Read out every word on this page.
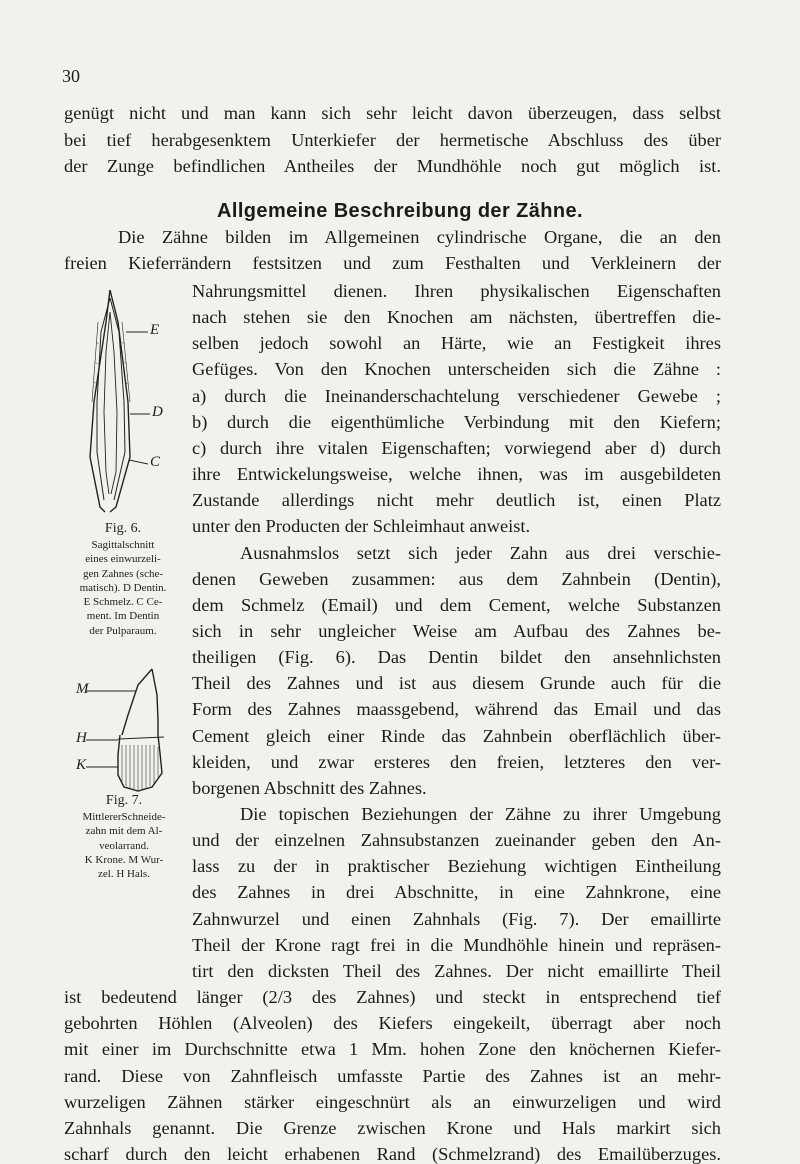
30
genügt nicht und man kann sich sehr leicht davon überzeugen, dass selbst
bei tief herabgesenktem Unterkiefer der hermetische Abschluss des über
der Zunge befindlichen Antheiles der Mundhöhle noch gut möglich ist.
Allgemeine Beschreibung der Zähne.
Die Zähne bilden im Allgemeinen cylindrische Organe, die an den
freien Kieferrändern festsitzen und zum Festhalten und Verkleinern der
Nahrungsmittel dienen. Ihren physikalischen Eigenschaften
nach stehen sie den Knochen am nächsten, übertreffen die-
selben jedoch sowohl an Härte, wie an Festigkeit ihres
Gefüges. Von den Knochen unterscheiden sich die Zähne :
a) durch die Ineinanderschachtelung verschiedener Gewebe ;
b) durch die eigenthümliche Verbindung mit den Kiefern;
c) durch ihre vitalen Eigenschaften; vorwiegend aber d) durch
ihre Entwickelungsweise, welche ihnen, was im ausgebildeten
Zustande allerdings nicht mehr deutlich ist, einen Platz
unter den Producten der Schleimhaut anweist.
Ausnahmslos setzt sich jeder Zahn aus drei verschie-
denen Geweben zusammen: aus dem Zahnbein (Dentin),
dem Schmelz (Email) und dem Cement, welche Substanzen
sich in sehr ungleicher Weise am Aufbau des Zahnes be-
theiligen (Fig. 6). Das Dentin bildet den ansehnlichsten
Theil des Zahnes und ist aus diesem Grunde auch für die
Form des Zahnes maassgebend, während das Email und das
Cement gleich einer Rinde das Zahnbein oberflächlich über-
kleiden, und zwar ersteres den freien, letzteres den ver-
borgenen Abschnitt des Zahnes.
Die topischen Beziehungen der Zähne zu ihrer Umgebung
und der einzelnen Zahnsubstanzen zueinander geben den An-
lass zu der in praktischer Beziehung wichtigen Eintheilung
des Zahnes in drei Abschnitte, in eine Zahnkrone, eine
Zahnwurzel und einen Zahnhals (Fig. 7). Der emaillirte
Theil der Krone ragt frei in die Mundhöhle hinein und repräsen-
tirt den dicksten Theil des Zahnes. Der nicht emaillirte Theil
ist bedeutend länger (2/3 des Zahnes) und steckt in entsprechend tief
gebohrten Höhlen (Alveolen) des Kiefers eingekeilt, überragt aber noch
mit einer im Durchschnitte etwa 1 Mm. hohen Zone den knöchernen Kiefer-
rand. Diese von Zahnfleisch umfasste Partie des Zahnes ist an mehr-
wurzeligen Zähnen stärker eingeschnürt als an einwurzeligen und wird
Zahnhals genannt. Die Grenze zwischen Krone und Hals markirt sich
scharf durch den leicht erhabenen Rand (Schmelzrand) des Emailüberzuges.
E
D
C
Fig. 6.
Sagittalschnitt
eines einwurzeli-
gen Zahnes (sche-
matisch). D Dentin.
E Schmelz. C Ce-
ment. Im Dentin
der Pulparaum.
M
H
K
Fig. 7.
MittlererSchneide-
zahn mit dem Al-
veolarrand.
K Krone. M Wur-
zel. H Hals.
